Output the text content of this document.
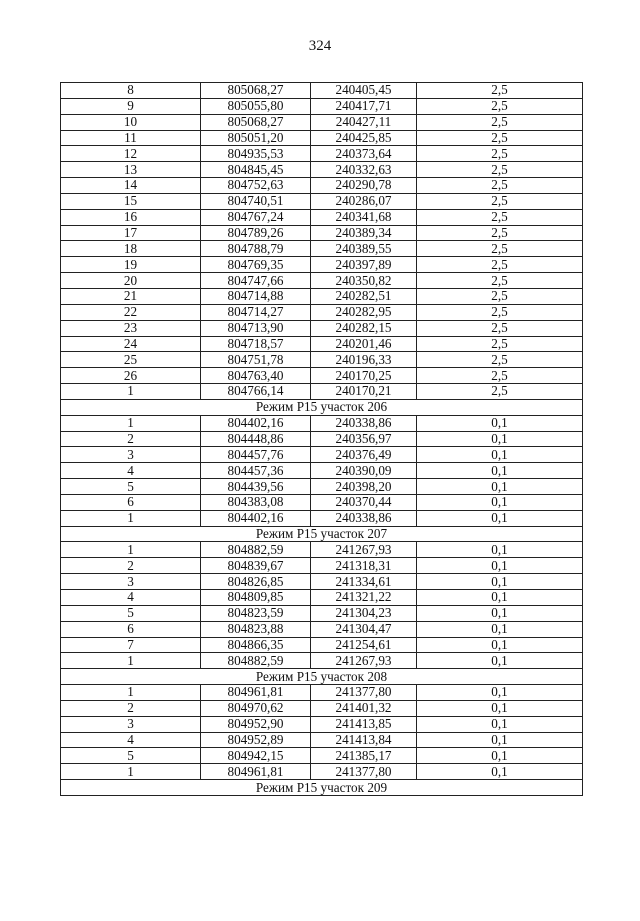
324
8	805068,27	240405,45	2,5
9	805055,80	240417,71	2,5
10	805068,27	240427,11	2,5
11	805051,20	240425,85	2,5
12	804935,53	240373,64	2,5
13	804845,45	240332,63	2,5
14	804752,63	240290,78	2,5
15	804740,51	240286,07	2,5
16	804767,24	240341,68	2,5
17	804789,26	240389,34	2,5
18	804788,79	240389,55	2,5
19	804769,35	240397,89	2,5
20	804747,66	240350,82	2,5
21	804714,88	240282,51	2,5
22	804714,27	240282,95	2,5
23	804713,90	240282,15	2,5
24	804718,57	240201,46	2,5
25	804751,78	240196,33	2,5
26	804763,40	240170,25	2,5
1	804766,14	240170,21	2,5
Режим Р15 участок 206			
1	804402,16	240338,86	0,1
2	804448,86	240356,97	0,1
3	804457,76	240376,49	0,1
4	804457,36	240390,09	0,1
5	804439,56	240398,20	0,1
6	804383,08	240370,44	0,1
1	804402,16	240338,86	0,1
Режим Р15 участок 207			
1	804882,59	241267,93	0,1
2	804839,67	241318,31	0,1
3	804826,85	241334,61	0,1
4	804809,85	241321,22	0,1
5	804823,59	241304,23	0,1
6	804823,88	241304,47	0,1
7	804866,35	241254,61	0,1
1	804882,59	241267,93	0,1
Режим Р15 участок 208			
1	804961,81	241377,80	0,1
2	804970,62	241401,32	0,1
3	804952,90	241413,85	0,1
4	804952,89	241413,84	0,1
5	804942,15	241385,17	0,1
1	804961,81	241377,80	0,1
Режим Р15 участок 209			
